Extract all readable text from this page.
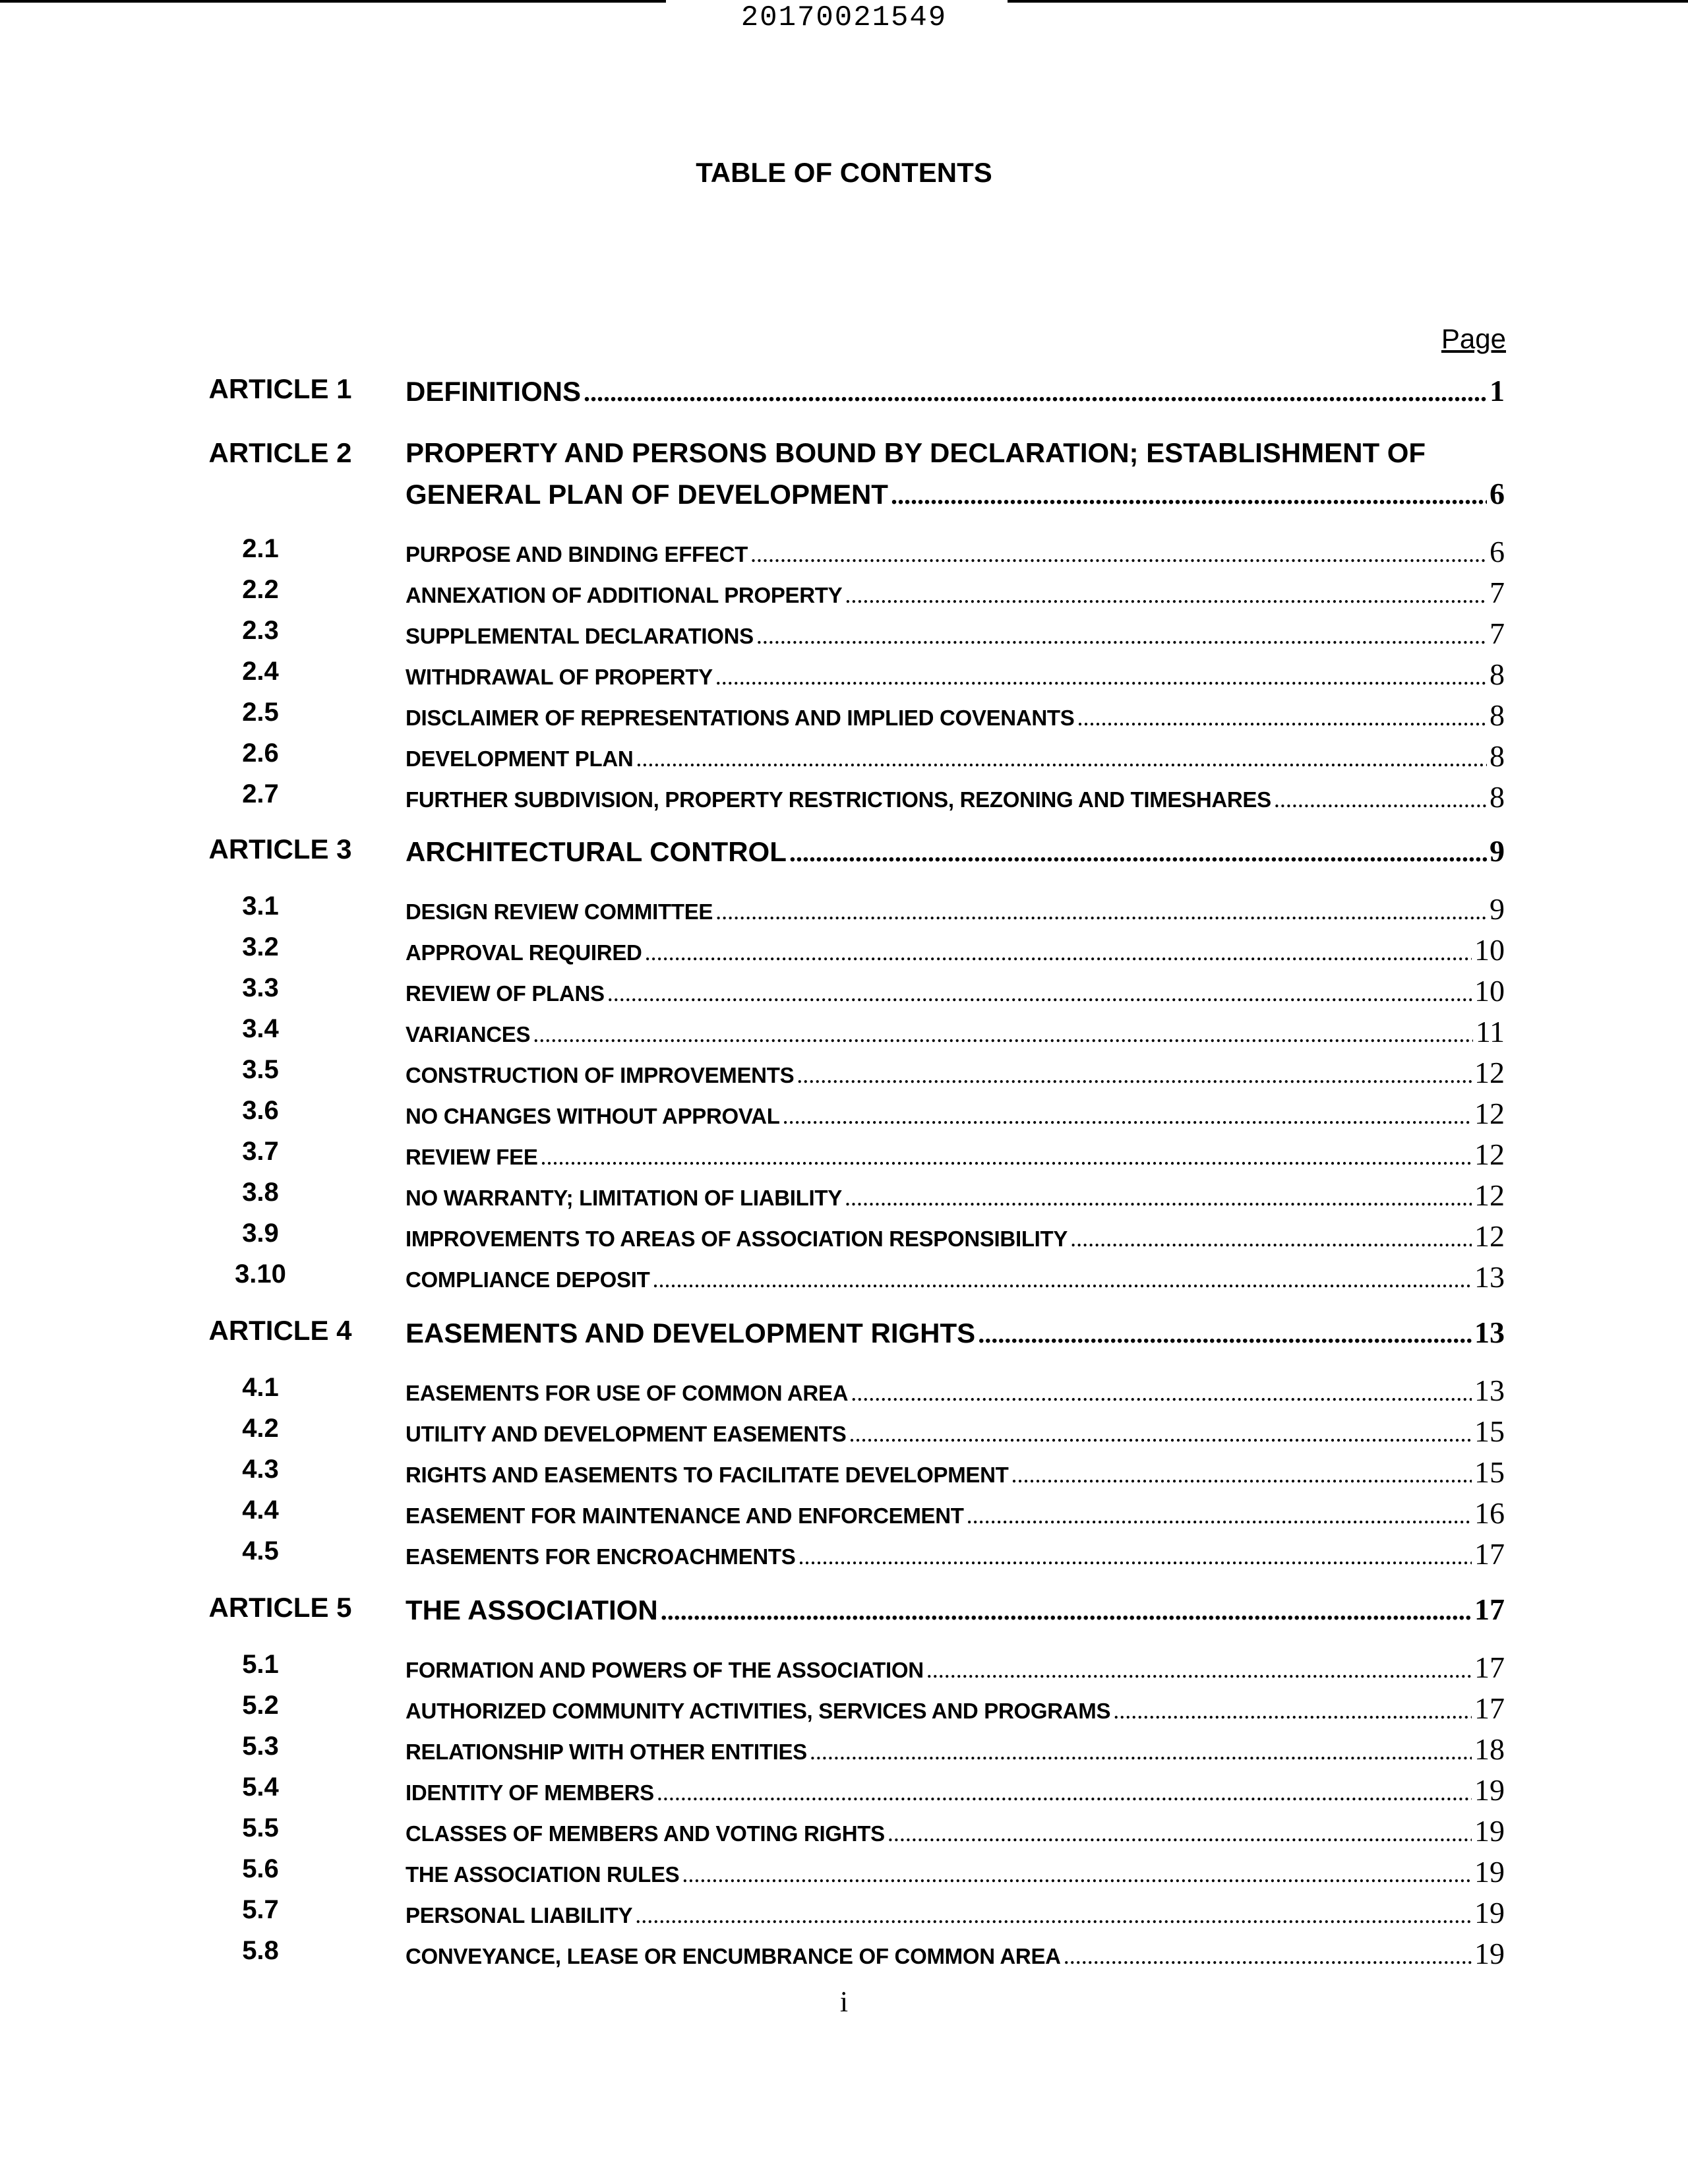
20170021549
TABLE OF CONTENTS
Page
ARTICLE 1	DEFINITIONS .....	1
ARTICLE 2	PROPERTY AND PERSONS BOUND BY DECLARATION; ESTABLISHMENT OF
GENERAL PLAN OF DEVELOPMENT .....	6
2.1	PURPOSE AND BINDING EFFECT .....	6
2.2	ANNEXATION OF ADDITIONAL PROPERTY .....	7
2.3	SUPPLEMENTAL DECLARATIONS .....	7
2.4	WITHDRAWAL OF PROPERTY .....	8
2.5	DISCLAIMER OF REPRESENTATIONS AND IMPLIED COVENANTS .....	8
2.6	DEVELOPMENT PLAN .....	8
2.7	FURTHER SUBDIVISION, PROPERTY RESTRICTIONS, REZONING AND TIMESHARES .....	8
ARTICLE 3	ARCHITECTURAL CONTROL .....	9
3.1	DESIGN REVIEW COMMITTEE .....	9
3.2	APPROVAL REQUIRED .....	10
3.3	REVIEW OF PLANS .....	10
3.4	VARIANCES .....	11
3.5	CONSTRUCTION OF IMPROVEMENTS .....	12
3.6	NO CHANGES WITHOUT APPROVAL .....	12
3.7	REVIEW FEE .....	12
3.8	NO WARRANTY; LIMITATION OF LIABILITY .....	12
3.9	IMPROVEMENTS TO AREAS OF ASSOCIATION RESPONSIBILITY .....	12
3.10	COMPLIANCE DEPOSIT .....	13
ARTICLE 4	EASEMENTS AND DEVELOPMENT RIGHTS .....	13
4.1	EASEMENTS FOR USE OF COMMON AREA .....	13
4.2	UTILITY AND DEVELOPMENT EASEMENTS .....	15
4.3	RIGHTS AND EASEMENTS TO FACILITATE DEVELOPMENT .....	15
4.4	EASEMENT FOR MAINTENANCE AND ENFORCEMENT .....	16
4.5	EASEMENTS FOR ENCROACHMENTS .....	17
ARTICLE 5	THE ASSOCIATION .....	17
5.1	FORMATION AND POWERS OF THE ASSOCIATION .....	17
5.2	AUTHORIZED COMMUNITY ACTIVITIES, SERVICES AND PROGRAMS .....	17
5.3	RELATIONSHIP WITH OTHER ENTITIES .....	18
5.4	IDENTITY OF MEMBERS .....	19
5.5	CLASSES OF MEMBERS AND VOTING RIGHTS .....	19
5.6	THE ASSOCIATION RULES .....	19
5.7	PERSONAL LIABILITY .....	19
5.8	CONVEYANCE, LEASE OR ENCUMBRANCE OF COMMON AREA .....	19
i
